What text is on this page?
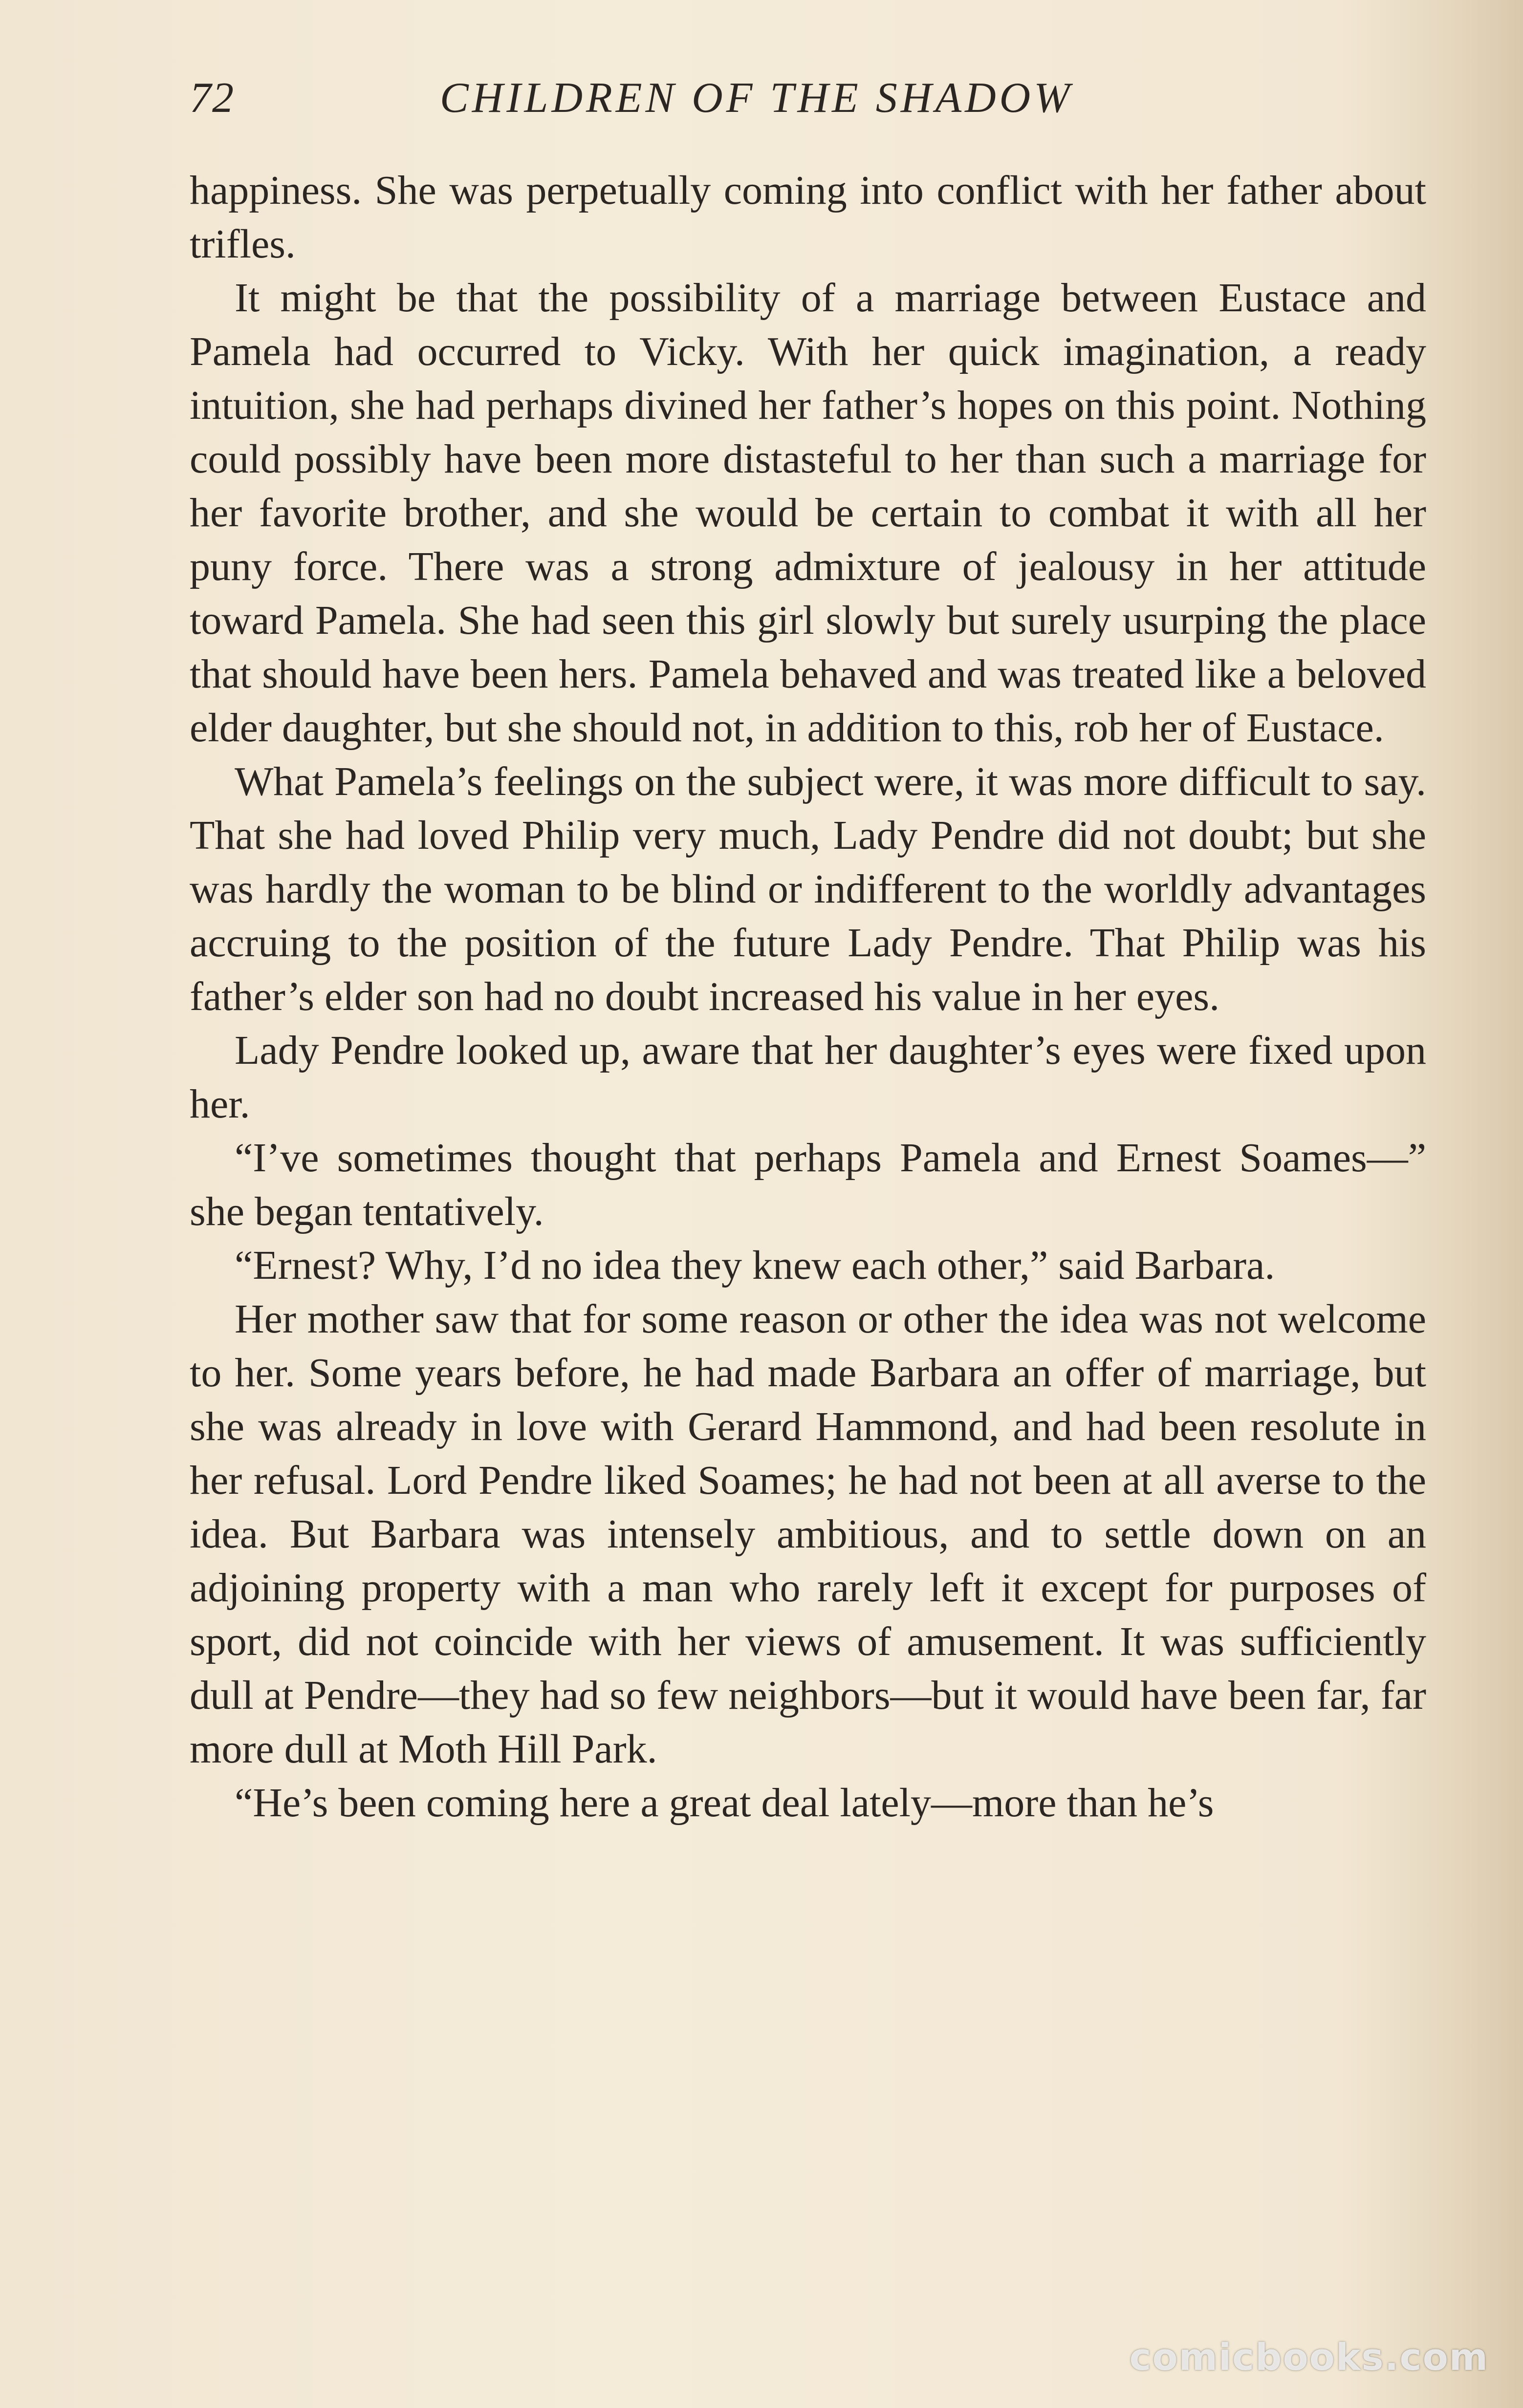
72	CHILDREN OF THE SHADOW

happiness. She was perpetually coming into conflict with her father about trifles.

It might be that the possibility of a marriage between Eustace and Pamela had occurred to Vicky. With her quick imagination, a ready intuition, she had perhaps divined her father’s hopes on this point. Nothing could possibly have been more distasteful to her than such a marriage for her favorite brother, and she would be certain to combat it with all her puny force. There was a strong admixture of jealousy in her attitude toward Pamela. She had seen this girl slowly but surely usurping the place that should have been hers. Pamela behaved and was treated like a beloved elder daughter, but she should not, in addition to this, rob her of Eustace.

What Pamela’s feelings on the subject were, it was more difficult to say. That she had loved Philip very much, Lady Pendre did not doubt; but she was hardly the woman to be blind or indifferent to the worldly advantages accruing to the position of the future Lady Pendre. That Philip was his father’s elder son had no doubt increased his value in her eyes.

Lady Pendre looked up, aware that her daughter’s eyes were fixed upon her.

“I’ve sometimes thought that perhaps Pamela and Ernest Soames—” she began tentatively.

“Ernest? Why, I’d no idea they knew each other,” said Barbara.

Her mother saw that for some reason or other the idea was not welcome to her. Some years before, he had made Barbara an offer of marriage, but she was already in love with Gerard Hammond, and had been resolute in her refusal. Lord Pendre liked Soames; he had not been at all averse to the idea. But Barbara was intensely ambitious, and to settle down on an adjoining property with a man who rarely left it except for purposes of sport, did not coincide with her views of amusement. It was sufficiently dull at Pendre—they had so few neighbors—but it would have been far, far more dull at Moth Hill Park.

“He’s been coming here a great deal lately—more than he’s

comicbooks.com
